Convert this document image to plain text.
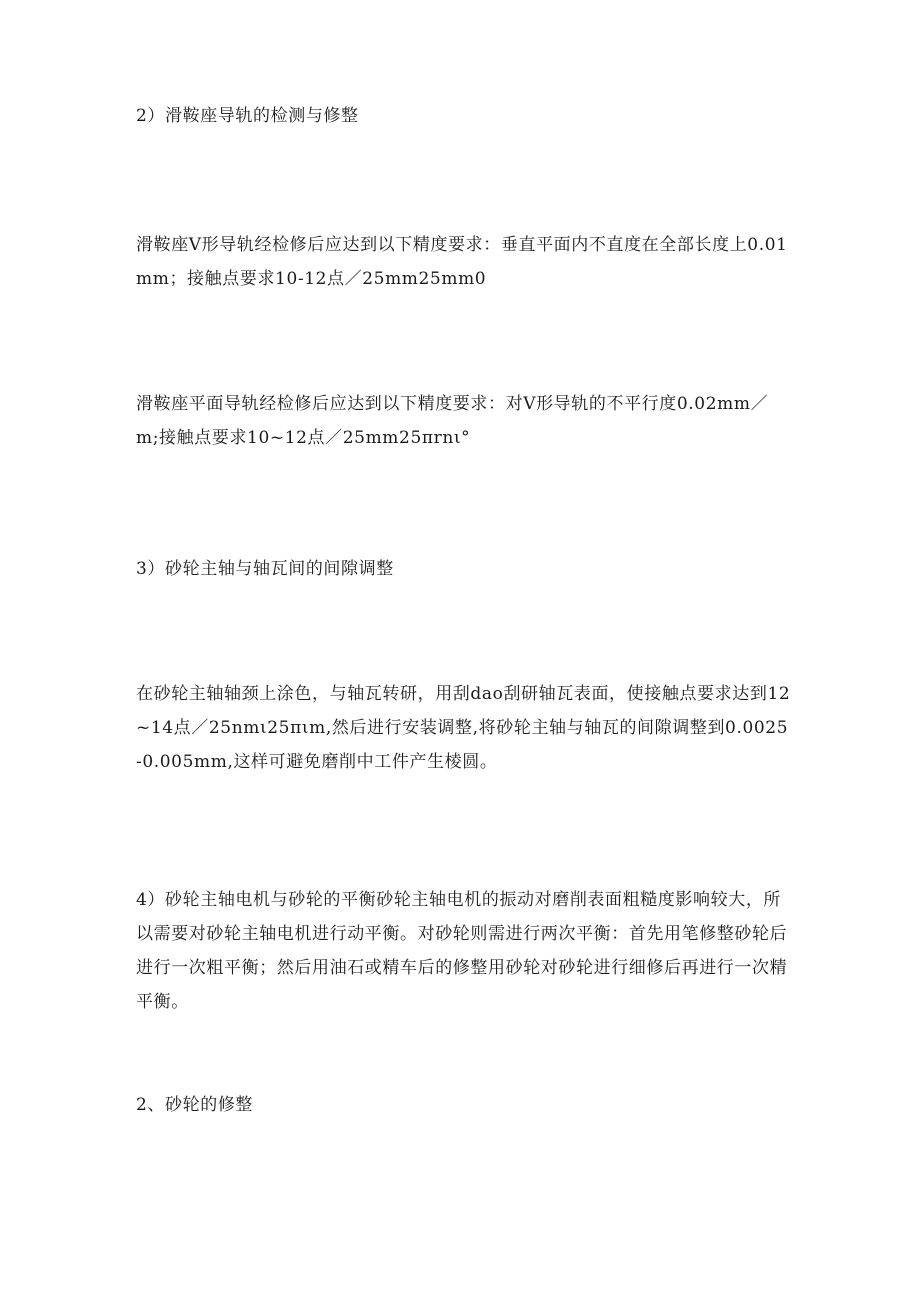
2）滑鞍座导轨的检测与修整

滑鞍座V形导轨经检修后应达到以下精度要求：垂直平面内不直度在全部长度上0.01mm；接触点要求10-12点／25mm25mm0

滑鞍座平面导轨经检修后应达到以下精度要求：对V形导轨的不平行度0.02mm／m;接触点要求10~12点／25mm25πrnι°

3）砂轮主轴与轴瓦间的间隙调整

在砂轮主轴轴颈上涂色，与轴瓦转研，用刮dao刮研轴瓦表面，使接触点要求达到12~14点／25nmι25πιm,然后进行安装调整,将砂轮主轴与轴瓦的间隙调整到0.0025-0.005mm,这样可避免磨削中工件产生棱圆。

4）砂轮主轴电机与砂轮的平衡砂轮主轴电机的振动对磨削表面粗糙度影响较大，所以需要对砂轮主轴电机进行动平衡。对砂轮则需进行两次平衡：首先用笔修整砂轮后进行一次粗平衡；然后用油石或精车后的修整用砂轮对砂轮进行细修后再进行一次精平衡。

2、砂轮的修整
